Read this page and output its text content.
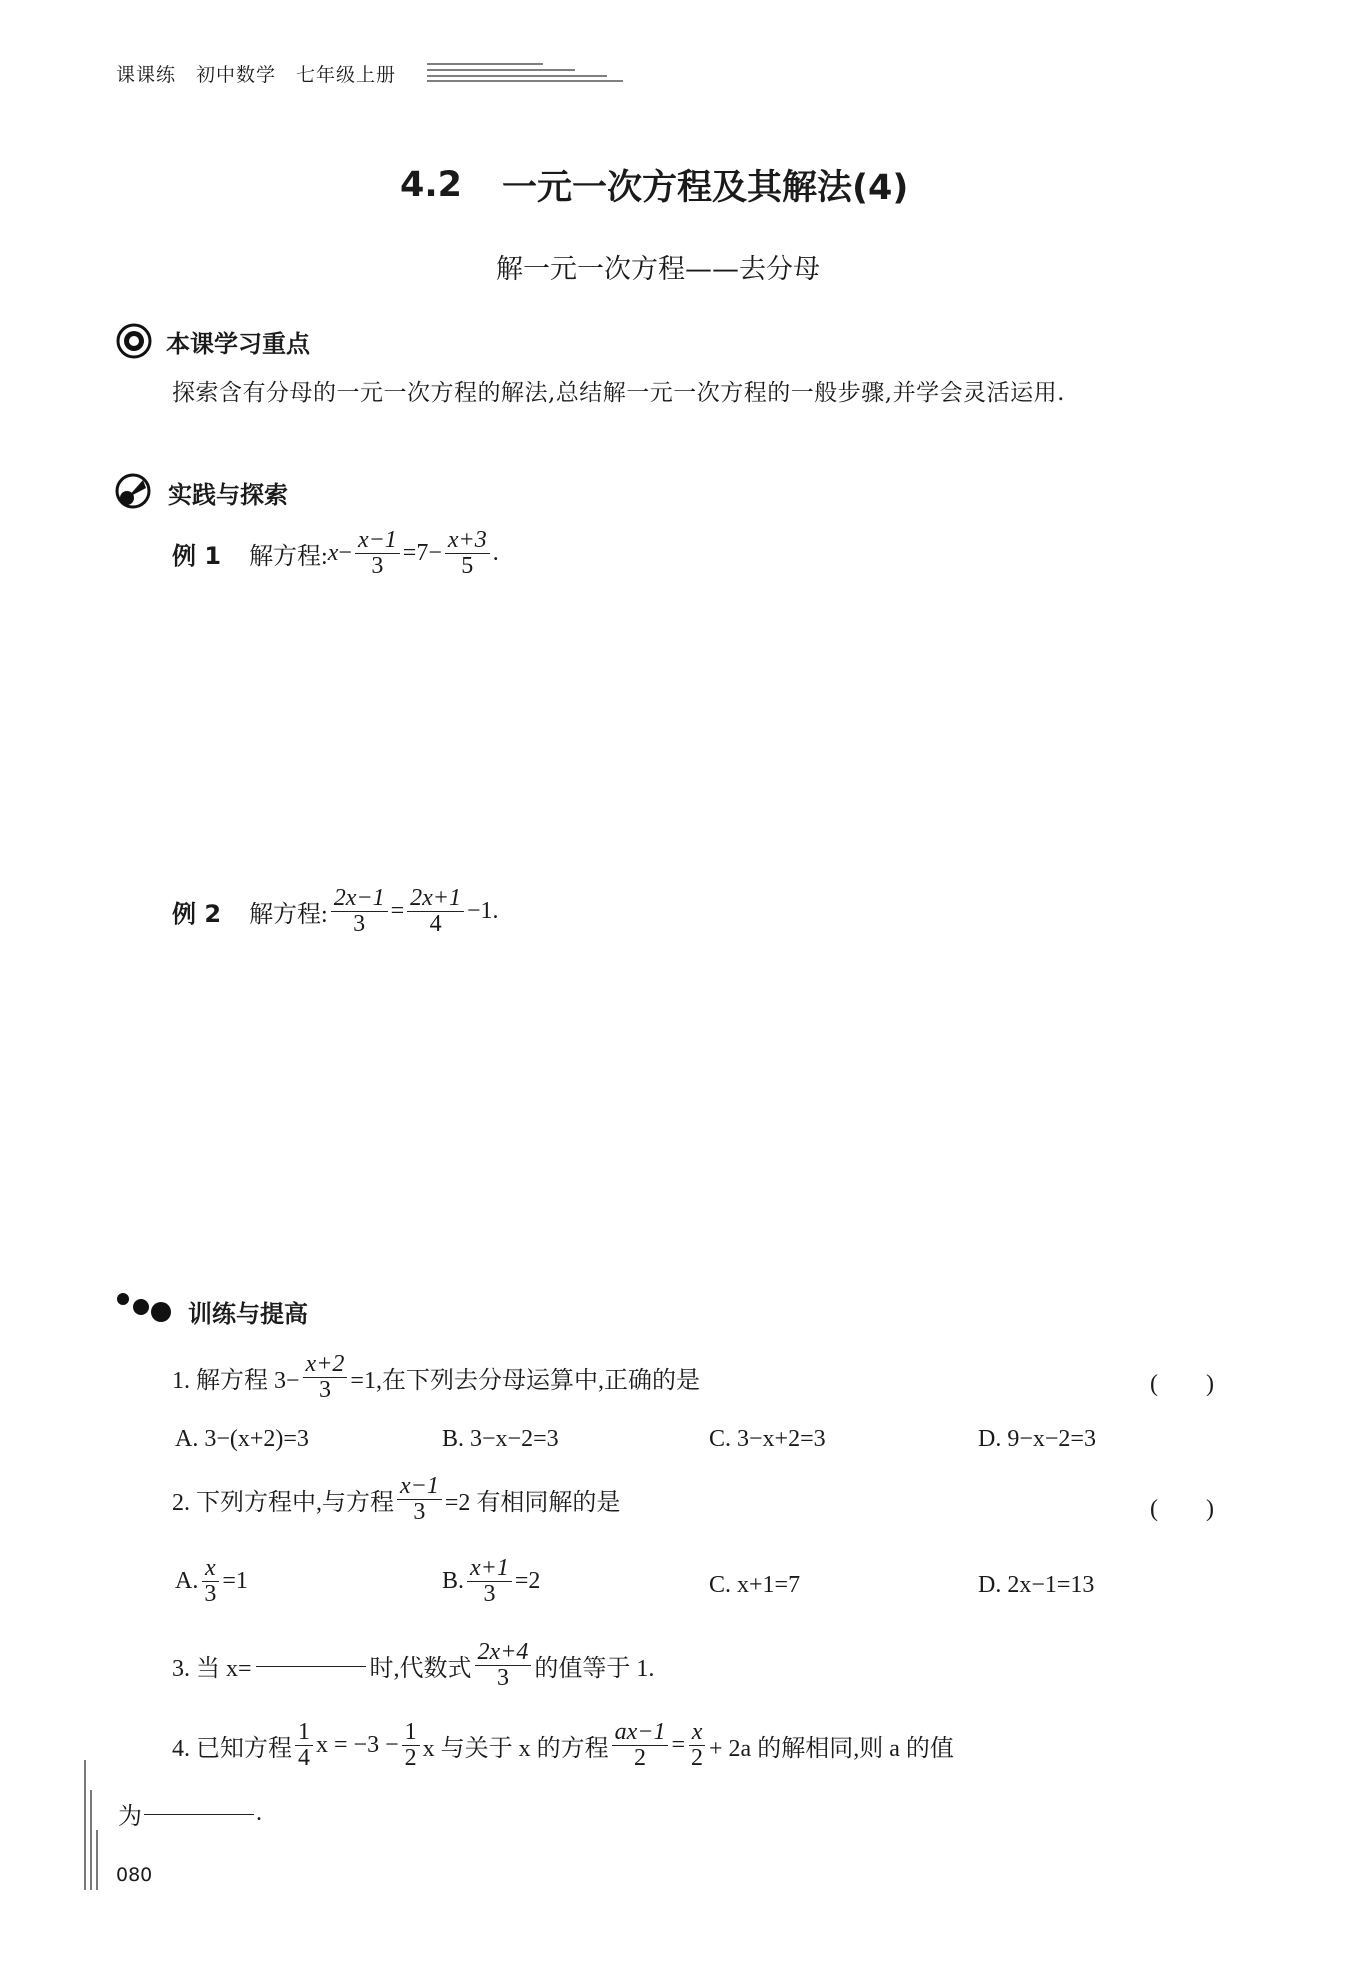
课课练　初中数学　七年级上册
4.2 一元一次方程及其解法(4)
解一元一次方程——去分母
本课学习重点
探索含有分母的一元一次方程的解法,总结解一元一次方程的一般步骤,并学会灵活运用.
实践与探索
例 1 解方程: $x - \frac{x-1}{3} =7- \frac{x+3}{5}$ .
例 2 解方程: $\frac{2x-1}{3} = \frac{2x+1}{4} -1$.
训练与提高
1. 解方程 $3- \frac{x+2}{3} =1$,在下列去分母运算中,正确的是	(　　)
A. 3−(x+2)=3	B. 3−x−2=3	C. 3−x+2=3	D. 9−x−2=3
2. 下列方程中,与方程 $\frac{x-1}{3} =2$ 有相同解的是	(　　)
A. $\frac{x}{3} =1$	B. $\frac{x+1}{3} =2$	C. x+1=7	D. 2x−1=13
3. 当 x=	时,代数式 $\frac{2x+4}{3}$ 的值等于 1.
4. 已知方程 $\frac{1}{4}$ $x = -3 - \frac{1}{2}$ x 与关于 x 的方程 $\frac{ax-1}{2} = \frac{x}{2} + 2a$ 的解相同,则 a 的值
为	.
080
